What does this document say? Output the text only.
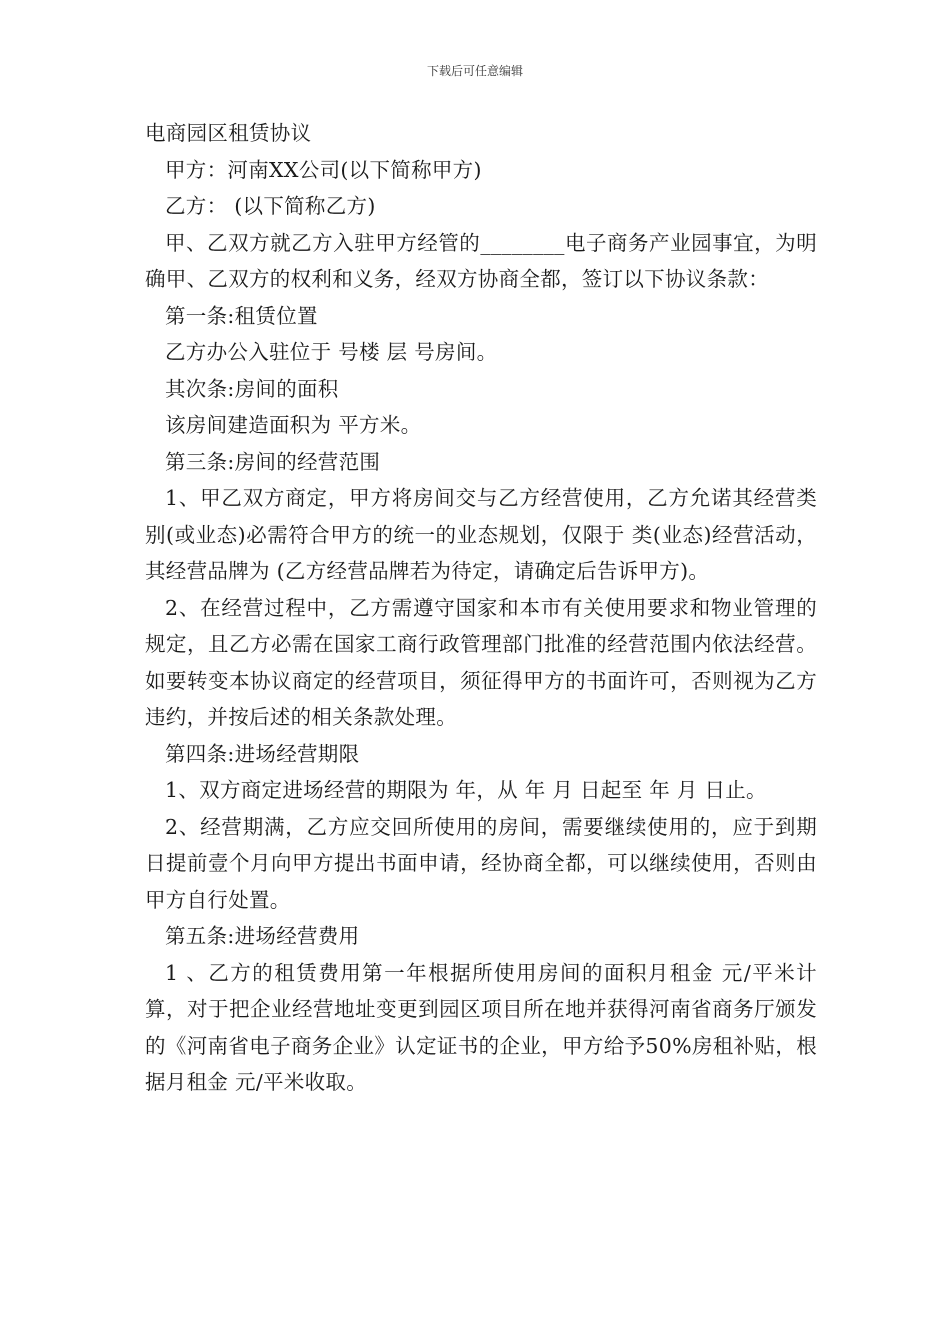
下载后可任意编辑
电商园区租赁协议

甲方：河南XX公司(以下简称甲方)

乙方： (以下简称乙方)

甲、乙双方就乙方入驻甲方经管的________电子商务产业园事宜，为明确甲、乙双方的权利和义务，经双方协商全都，签订以下协议条款：

第一条:租赁位置

乙方办公入驻位于 号楼 层 号房间。

其次条:房间的面积

该房间建造面积为 平方米。

第三条:房间的经营范围

1、甲乙双方商定，甲方将房间交与乙方经营使用，乙方允诺其经营类别(或业态)必需符合甲方的统一的业态规划，仅限于 类(业态)经营活动，其经营品牌为 (乙方经营品牌若为待定，请确定后告诉甲方)。

2、在经营过程中，乙方需遵守国家和本市有关使用要求和物业管理的规定，且乙方必需在国家工商行政管理部门批准的经营范围内依法经营。如要转变本协议商定的经营项目，须征得甲方的书面许可，否则视为乙方违约，并按后述的相关条款处理。

第四条:进场经营期限

1、双方商定进场经营的期限为 年，从 年 月 日起至 年 月 日止。

2、经营期满，乙方应交回所使用的房间，需要继续使用的，应于到期日提前壹个月向甲方提出书面申请，经协商全都，可以继续使用，否则由甲方自行处置。

第五条:进场经营费用

1 、乙方的租赁费用第一年根据所使用房间的面积月租金 元/平米计算，对于把企业经营地址变更到园区项目所在地并获得河南省商务厅颁发的《河南省电子商务企业》认定证书的企业，甲方给予50%房租补贴，根据月租金 元/平米收取。
